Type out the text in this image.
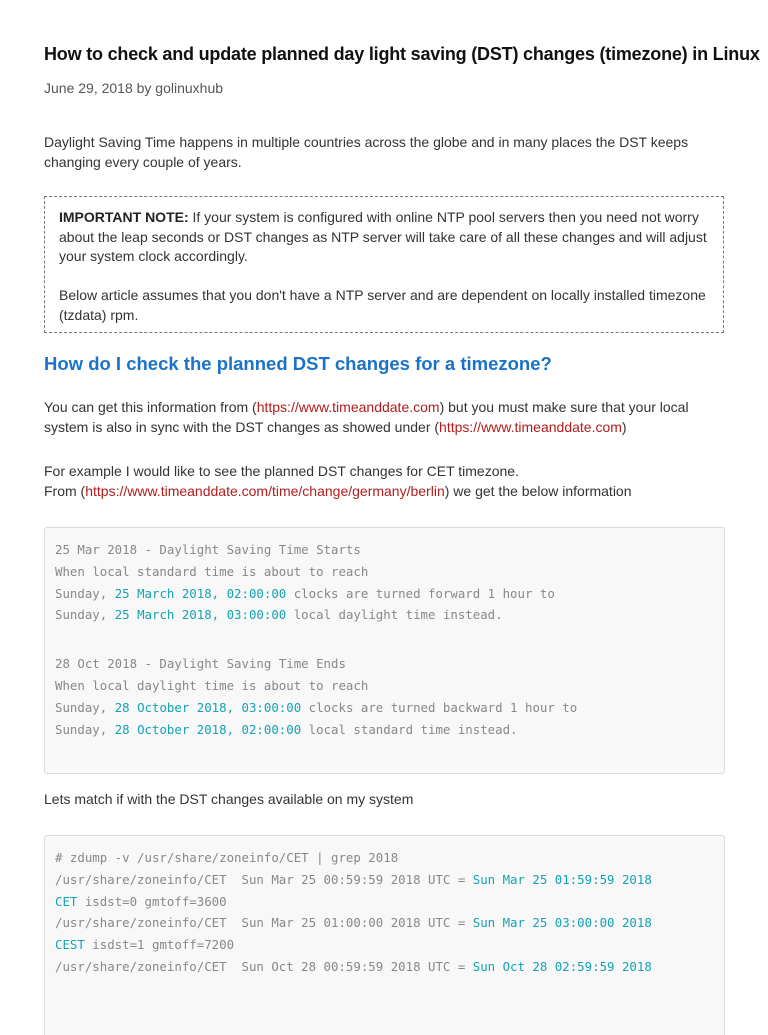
How to check and update planned day light saving (DST) changes (timezone) in Linux

June 29, 2018 by golinuxhub

Daylight Saving Time happens in multiple countries across the globe and in many places the DST keeps changing every couple of years.

IMPORTANT NOTE: If your system is configured with online NTP pool servers then you need not worry about the leap seconds or DST changes as NTP server will take care of all these changes and will adjust your system clock accordingly.

Below article assumes that you don't have a NTP server and are dependent on locally installed timezone (tzdata) rpm.

How do I check the planned DST changes for a timezone?

You can get this information from (https://www.timeanddate.com) but you must make sure that your local system is also in sync with the DST changes as showed under (https://www.timeanddate.com)

For example I would like to see the planned DST changes for CET timezone.
From (https://www.timeanddate.com/time/change/germany/berlin) we get the below information

25 Mar 2018 - Daylight Saving Time Starts
When local standard time is about to reach
Sunday, 25 March 2018, 02:00:00 clocks are turned forward 1 hour to
Sunday, 25 March 2018, 03:00:00 local daylight time instead.
28 Oct 2018 - Daylight Saving Time Ends
When local daylight time is about to reach
Sunday, 28 October 2018, 03:00:00 clocks are turned backward 1 hour to
Sunday, 28 October 2018, 02:00:00 local standard time instead.

Lets match if with the DST changes available on my system

# zdump -v /usr/share/zoneinfo/CET | grep 2018
/usr/share/zoneinfo/CET  Sun Mar 25 00:59:59 2018 UTC = Sun Mar 25 01:59:59 2018
CET isdst=0 gmtoff=3600
/usr/share/zoneinfo/CET  Sun Mar 25 01:00:00 2018 UTC = Sun Mar 25 03:00:00 2018
CEST isdst=1 gmtoff=7200
/usr/share/zoneinfo/CET  Sun Oct 28 00:59:59 2018 UTC = Sun Oct 28 02:59:59 2018
